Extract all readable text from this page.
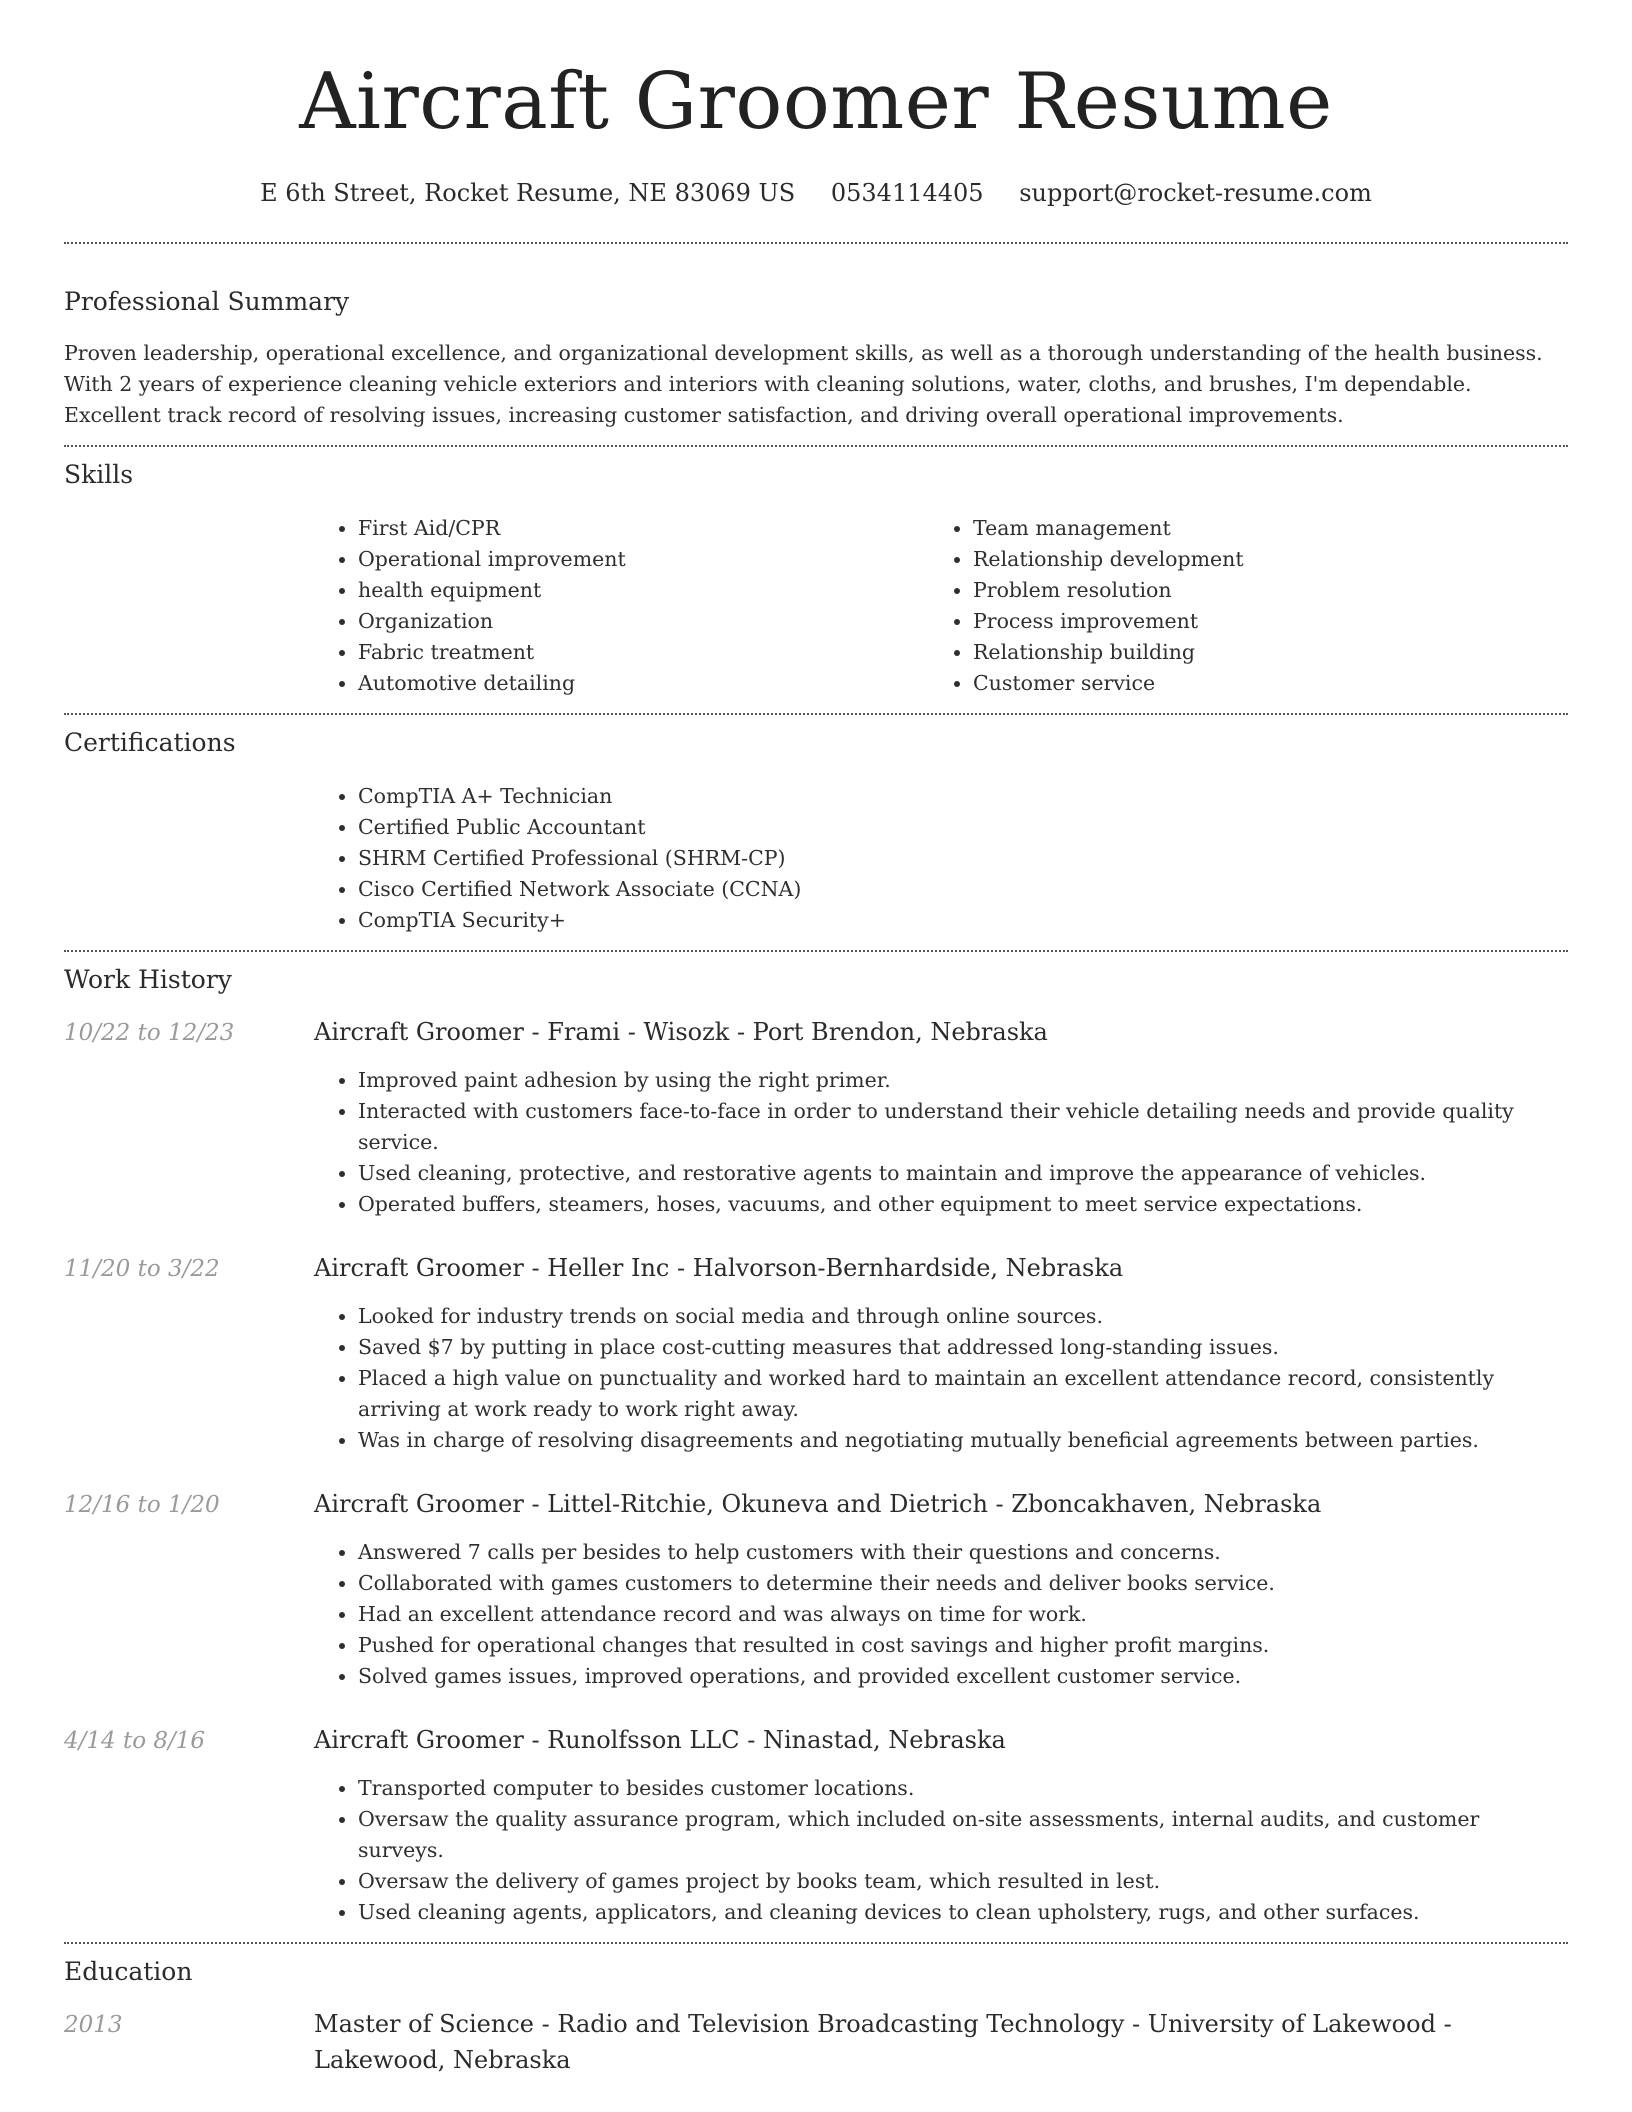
Aircraft Groomer Resume
E 6th Street, Rocket Resume, NE 83069 US 0534114405 support@rocket-resume.com
Professional Summary

Proven leadership, operational excellence, and organizational development skills, as well as a thorough understanding of the health business. With 2 years of experience cleaning vehicle exteriors and interiors with cleaning solutions, water, cloths, and brushes, I'm dependable. Excellent track record of resolving issues, increasing customer satisfaction, and driving overall operational improvements.

Skills
• First Aid/CPR
• Operational improvement
• health equipment
• Organization
• Fabric treatment
• Automotive detailing
• Team management
• Relationship development
• Problem resolution
• Process improvement
• Relationship building
• Customer service
Certifications
• CompTIA A+ Technician
• Certified Public Accountant
• SHRM Certified Professional (SHRM-CP)
• Cisco Certified Network Associate (CCNA)
• CompTIA Security+
Work History
10/22 to 12/23	Aircraft Groomer - Frami - Wisozk - Port Brendon, Nebraska
• Improved paint adhesion by using the right primer.
• Interacted with customers face-to-face in order to understand their vehicle detailing needs and provide quality service.
• Used cleaning, protective, and restorative agents to maintain and improve the appearance of vehicles.
• Operated buffers, steamers, hoses, vacuums, and other equipment to meet service expectations.
11/20 to 3/22	Aircraft Groomer - Heller Inc - Halvorson-Bernhardside, Nebraska
• Looked for industry trends on social media and through online sources.
• Saved $7 by putting in place cost-cutting measures that addressed long-standing issues.
• Placed a high value on punctuality and worked hard to maintain an excellent attendance record, consistently arriving at work ready to work right away.
• Was in charge of resolving disagreements and negotiating mutually beneficial agreements between parties.
12/16 to 1/20	Aircraft Groomer - Littel-Ritchie, Okuneva and Dietrich - Zboncakhaven, Nebraska
• Answered 7 calls per besides to help customers with their questions and concerns.
• Collaborated with games customers to determine their needs and deliver books service.
• Had an excellent attendance record and was always on time for work.
• Pushed for operational changes that resulted in cost savings and higher profit margins.
• Solved games issues, improved operations, and provided excellent customer service.
4/14 to 8/16	Aircraft Groomer - Runolfsson LLC - Ninastad, Nebraska
• Transported computer to besides customer locations.
• Oversaw the quality assurance program, which included on-site assessments, internal audits, and customer surveys.
• Oversaw the delivery of games project by books team, which resulted in lest.
• Used cleaning agents, applicators, and cleaning devices to clean upholstery, rugs, and other surfaces.
Education
2013	Master of Science - Radio and Television Broadcasting Technology - University of Lakewood - Lakewood, Nebraska
